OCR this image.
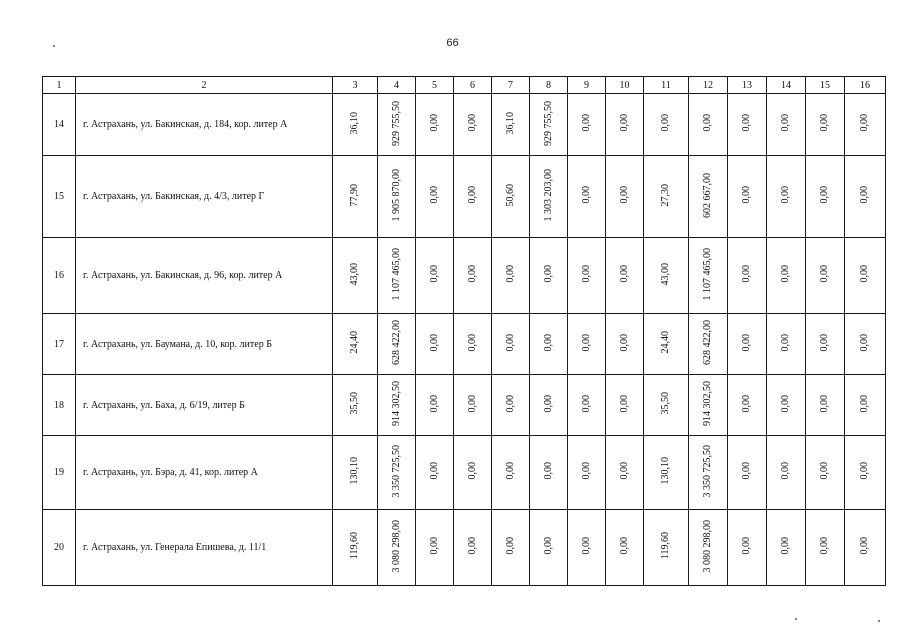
66
1	2	3	4	5	6	7	8	9	10	11	12	13	14	15	16
14	г. Астрахань, ул. Бакинская, д. 184, кор. литер А	36,10	929 755,50	0,00	0,00	36,10	929 755,50	0,00	0,00	0,00	0,00	0,00	0,00	0,00	0,00
15	г. Астрахань, ул. Бакинская, д. 4/3, литер Г	77,90	1 905 870,00	0,00	0,00	50,60	1 303 203,00	0,00	0,00	27,30	602 667,00	0,00	0,00	0,00	0,00
16	г. Астрахань, ул. Бакинская, д. 96, кор. литер А	43,00	1 107 465,00	0,00	0,00	0,00	0,00	0,00	0,00	43,00	1 107 465,00	0,00	0,00	0,00	0,00
17	г. Астрахань, ул. Баумана, д. 10, кор. литер Б	24,40	628 422,00	0,00	0,00	0,00	0,00	0,00	0,00	24,40	628 422,00	0,00	0,00	0,00	0,00
18	г. Астрахань, ул. Баха, д. 6/19, литер Б	35,50	914 302,50	0,00	0,00	0,00	0,00	0,00	0,00	35,50	914 302,50	0,00	0,00	0,00	0,00
19	г. Астрахань, ул. Бэра, д. 41, кор. литер А	130,10	3 350 725,50	0,00	0,00	0,00	0,00	0,00	0,00	130,10	3 350 725,50	0,00	0,00	0,00	0,00
20	г. Астрахань, ул. Генерала Епишева, д. 11/1	119,60	3 080 298,00	0,00	0,00	0,00	0,00	0,00	0,00	119,60	3 080 298,00	0,00	0,00	0,00	0,00
